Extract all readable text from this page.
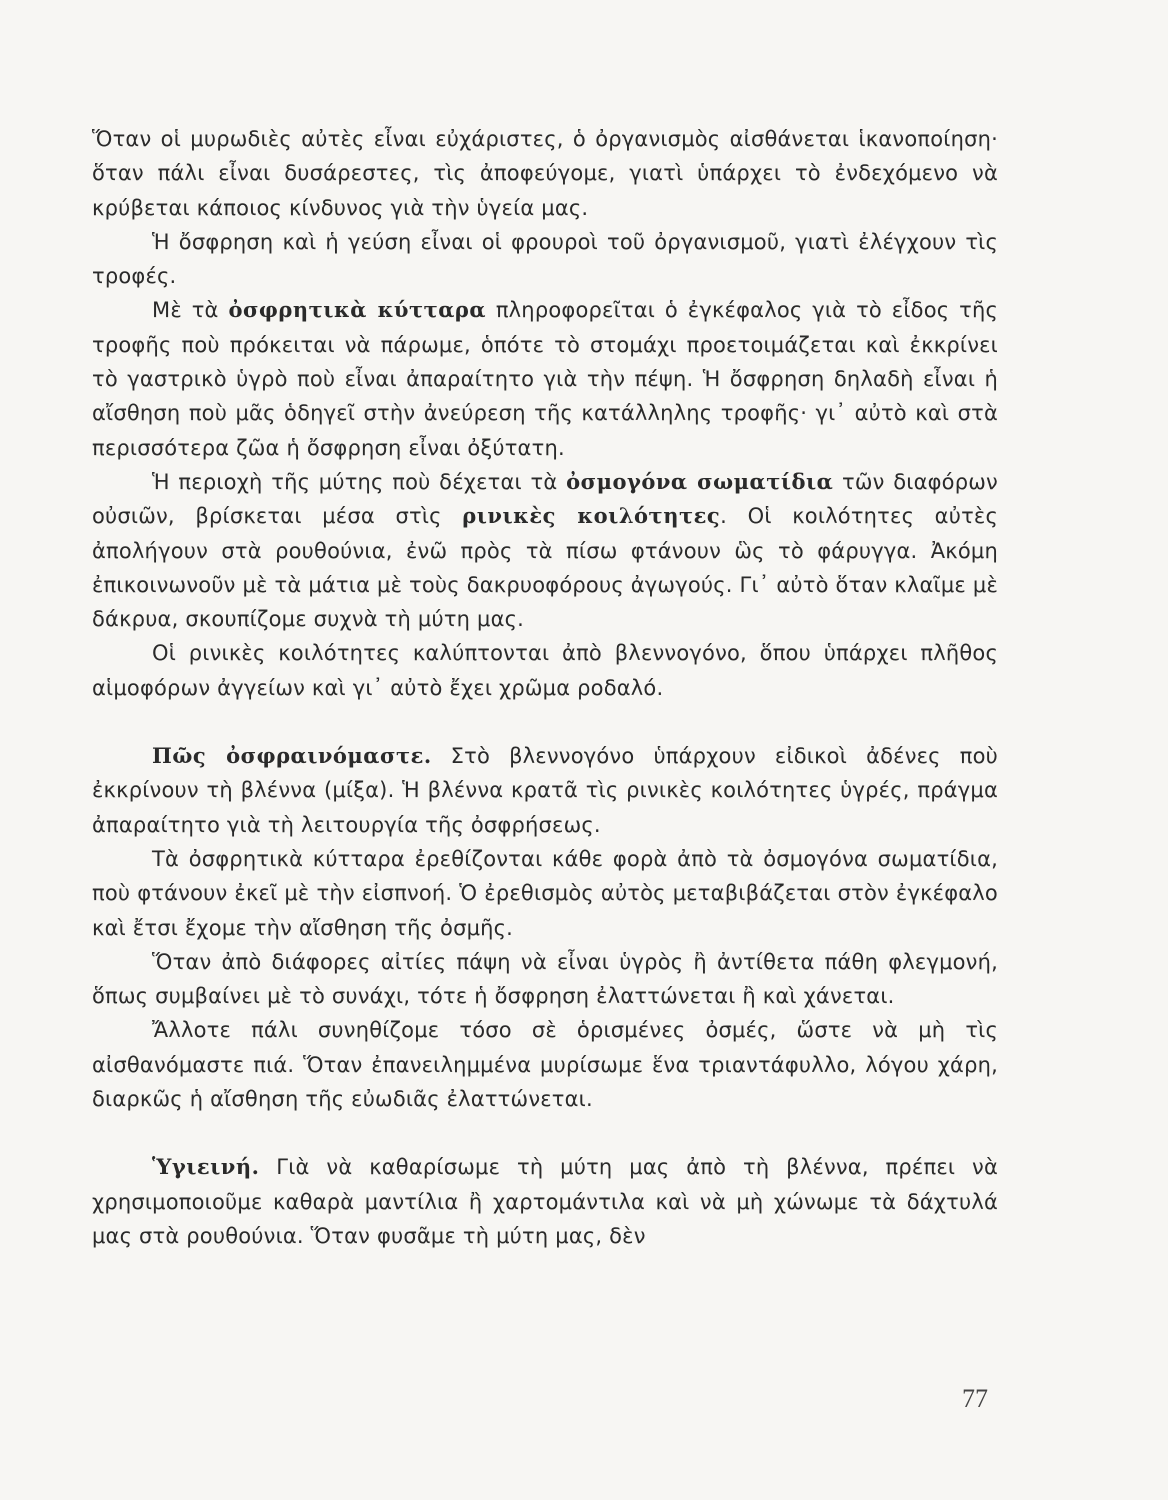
Ὅταν οἱ μυρωδιὲς αὐτὲς εἶναι εὐχάριστες, ὁ ὀργανισμὸς αἰσθάνεται ἱκανοποίηση· ὅταν πάλι εἶναι δυσάρεστες, τὶς ἀποφεύγομε, γιατὶ ὑπάρχει τὸ ἐνδεχόμενο νὰ κρύβεται κάποιος κίνδυνος γιὰ τὴν ὑγεία μας.

Ἡ ὄσφρηση καὶ ἡ γεύση εἶναι οἱ φρουροὶ τοῦ ὀργανισμοῦ, γιατὶ ἐλέγχουν τὶς τροφές.

Μὲ τὰ ὀσφρητικὰ κύτταρα πληροφορεῖται ὁ ἐγκέφαλος γιὰ τὸ εἶδος τῆς τροφῆς ποὺ πρόκειται νὰ πάρωμε, ὁπότε τὸ στομάχι προετοιμάζεται καὶ ἐκκρίνει τὸ γαστρικὸ ὑγρὸ ποὺ εἶναι ἀπαραίτητο γιὰ τὴν πέψη. Ἡ ὄσφρηση δηλαδὴ εἶναι ἡ αἴσθηση ποὺ μᾶς ὁδηγεῖ στὴν ἀνεύρεση τῆς κατάλληλης τροφῆς· γι᾿ αὐτὸ καὶ στὰ περισσότερα ζῶα ἡ ὄσφρηση εἶναι ὀξύτατη.

Ἡ περιοχὴ τῆς μύτης ποὺ δέχεται τὰ ὀσμογόνα σωματίδια τῶν διαφόρων οὐσιῶν, βρίσκεται μέσα στὶς ρινικὲς κοιλότητες. Οἱ κοιλότητες αὐτὲς ἀπολήγουν στὰ ρουθούνια, ἐνῶ πρὸς τὰ πίσω φτάνουν ὣς τὸ φάρυγγα. Ἀκόμη ἐπικοινωνοῦν μὲ τὰ μάτια μὲ τοὺς δακρυοφόρους ἀγωγούς. Γι᾿ αὐτὸ ὅταν κλαῖμε μὲ δάκρυα, σκουπίζομε συχνὰ τὴ μύτη μας.

Οἱ ρινικὲς κοιλότητες καλύπτονται ἀπὸ βλεννογόνο, ὅπου ὑπάρχει πλῆθος αἱμοφόρων ἀγγείων καὶ γι᾿ αὐτὸ ἔχει χρῶμα ροδαλό.

Πῶς ὀσφραινόμαστε. Στὸ βλεννογόνο ὑπάρχουν εἰδικοὶ ἀδένες ποὺ ἐκκρίνουν τὴ βλέννα (μίξα). Ἡ βλέννα κρατᾶ τὶς ρινικὲς κοιλότητες ὑγρές, πράγμα ἀπαραίτητο γιὰ τὴ λειτουργία τῆς ὀσφρήσεως.

Τὰ ὀσφρητικὰ κύτταρα ἐρεθίζονται κάθε φορὰ ἀπὸ τὰ ὀσμογόνα σωματίδια, ποὺ φτάνουν ἐκεῖ μὲ τὴν εἰσπνοή. Ὁ ἐρεθισμὸς αὐτὸς μεταβιβάζεται στὸν ἐγκέφαλο καὶ ἔτσι ἔχομε τὴν αἴσθηση τῆς ὀσμῆς.

Ὅταν ἀπὸ διάφορες αἰτίες πάψη νὰ εἶναι ὑγρὸς ἢ ἀντίθετα πάθη φλεγμονή, ὅπως συμβαίνει μὲ τὸ συνάχι, τότε ἡ ὄσφρηση ἐλαττώνεται ἢ καὶ χάνεται.

Ἄλλοτε πάλι συνηθίζομε τόσο σὲ ὁρισμένες ὀσμές, ὥστε νὰ μὴ τὶς αἰσθανόμαστε πιά. Ὅταν ἐπανειλημμένα μυρίσωμε ἕνα τριαντάφυλλο, λόγου χάρη, διαρκῶς ἡ αἴσθηση τῆς εὐωδιᾶς ἐλαττώνεται.

Ὑγιεινή. Γιὰ νὰ καθαρίσωμε τὴ μύτη μας ἀπὸ τὴ βλέννα, πρέπει νὰ χρησιμοποιοῦμε καθαρὰ μαντίλια ἢ χαρτομάντιλα καὶ νὰ μὴ χώνωμε τὰ δάχτυλά μας στὰ ρουθούνια. Ὅταν φυσᾶμε τὴ μύτη μας, δὲν

77
